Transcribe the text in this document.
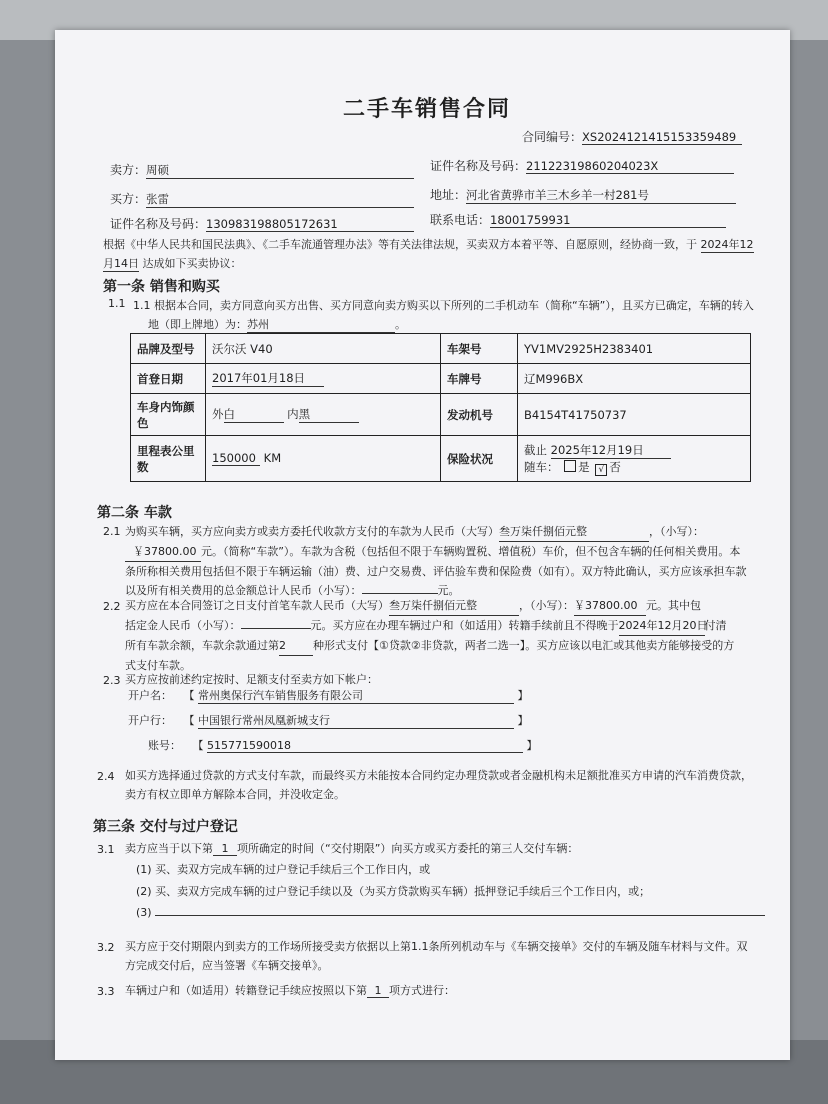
二手车销售合同
合同编号：XS2024121415153359489
卖方：周硕	证件名称及号码：21122319860204023X
买方：张雷	地址：河北省黄骅市羊三木乡羊一村281号
证件名称及号码：130983198805172631	联系电话：18001759931
根据《中华人民共和国民法典》、《二手车流通管理办法》等有关法律法规，买卖双方本着平等、自愿原则，经协商一致，于 2024年12
月14日 达成如下买卖协议：
第一条 销售和购买
1.1 1.1 根据本合同，卖方同意向买方出售、买方同意向卖方购买以下所列的二手机动车（简称“车辆”），且买方已确定，车辆的转入
地（即上牌地）为：苏州	。
品牌及型号	沃尔沃 V40	车架号	YV1MV2925H2383401
首登日期	2017年01月18日	车牌号	辽M996BX
车身内饰颜色	外白 内黑	发动机号	B4154T41750737
里程表公里数	150000 KM	保险状况	截止 2025年12月19日
随车： 是 √ 否
第二条 车款
2.1 为购买车辆，买方应向卖方或卖方委托代收款方支付的车款为人民币（大写）叁万柒仟捌佰元整	，（小写）：
￥37800.00 元。（简称“车款”）。车款为含税（包括但不限于车辆购置税、增值税）车价，但不包含车辆的任何相关费用。本
条所称相关费用包括但不限于车辆运输（油）费、过户交易费、评估验车费和保险费（如有）。双方特此确认，买方应该承担车款
以及所有相关费用的总金额总计人民币（小写）：	元。
2.2 买方应在本合同签订之日支付首笔车款人民币（大写）叁万柒仟捌佰元整	，（小写）：￥37800.00 元。其中包
括定金人民币（小写）：	元。买方应在办理车辆过户和（如适用）转籍手续前且不得晚于2024年12月20日付清
所有车款余额，车款余款通过第2 种形式支付【①贷款②非贷款，两者二选一】。买方应该以电汇或其他卖方能够接受的方
式支付车款。
2.3 买方应按前述约定按时、足额支付至卖方如下帐户：
开户名： 【 常州奥保行汽车销售服务有限公司	】
开户行： 【 中国银行常州凤凰新城支行	】
账号： 【 515771590018	】
2.4 如买方选择通过贷款的方式支付车款，而最终买方未能按本合同约定办理贷款或者金融机构未足额批准买方申请的汽车消费贷款，
卖方有权立即单方解除本合同，并没收定金。
第三条 交付与过户登记
3.1 卖方应当于以下第 1 项所确定的时间（“交付期限”）向买方或买方委托的第三人交付车辆：
(1) 买、卖双方完成车辆的过户登记手续后三个工作日内，或
(2) 买、卖双方完成车辆的过户登记手续以及（为买方贷款购买车辆）抵押登记手续后三个工作日内，或；
(3)
3.2 买方应于交付期限内到卖方的工作场所接受卖方依据以上第1.1条所列机动车与《车辆交接单》交付的车辆及随车材料与文件。双
方完成交付后，应当签署《车辆交接单》。
3.3 车辆过户和（如适用）转籍登记手续应按照以下第 1 项方式进行：
